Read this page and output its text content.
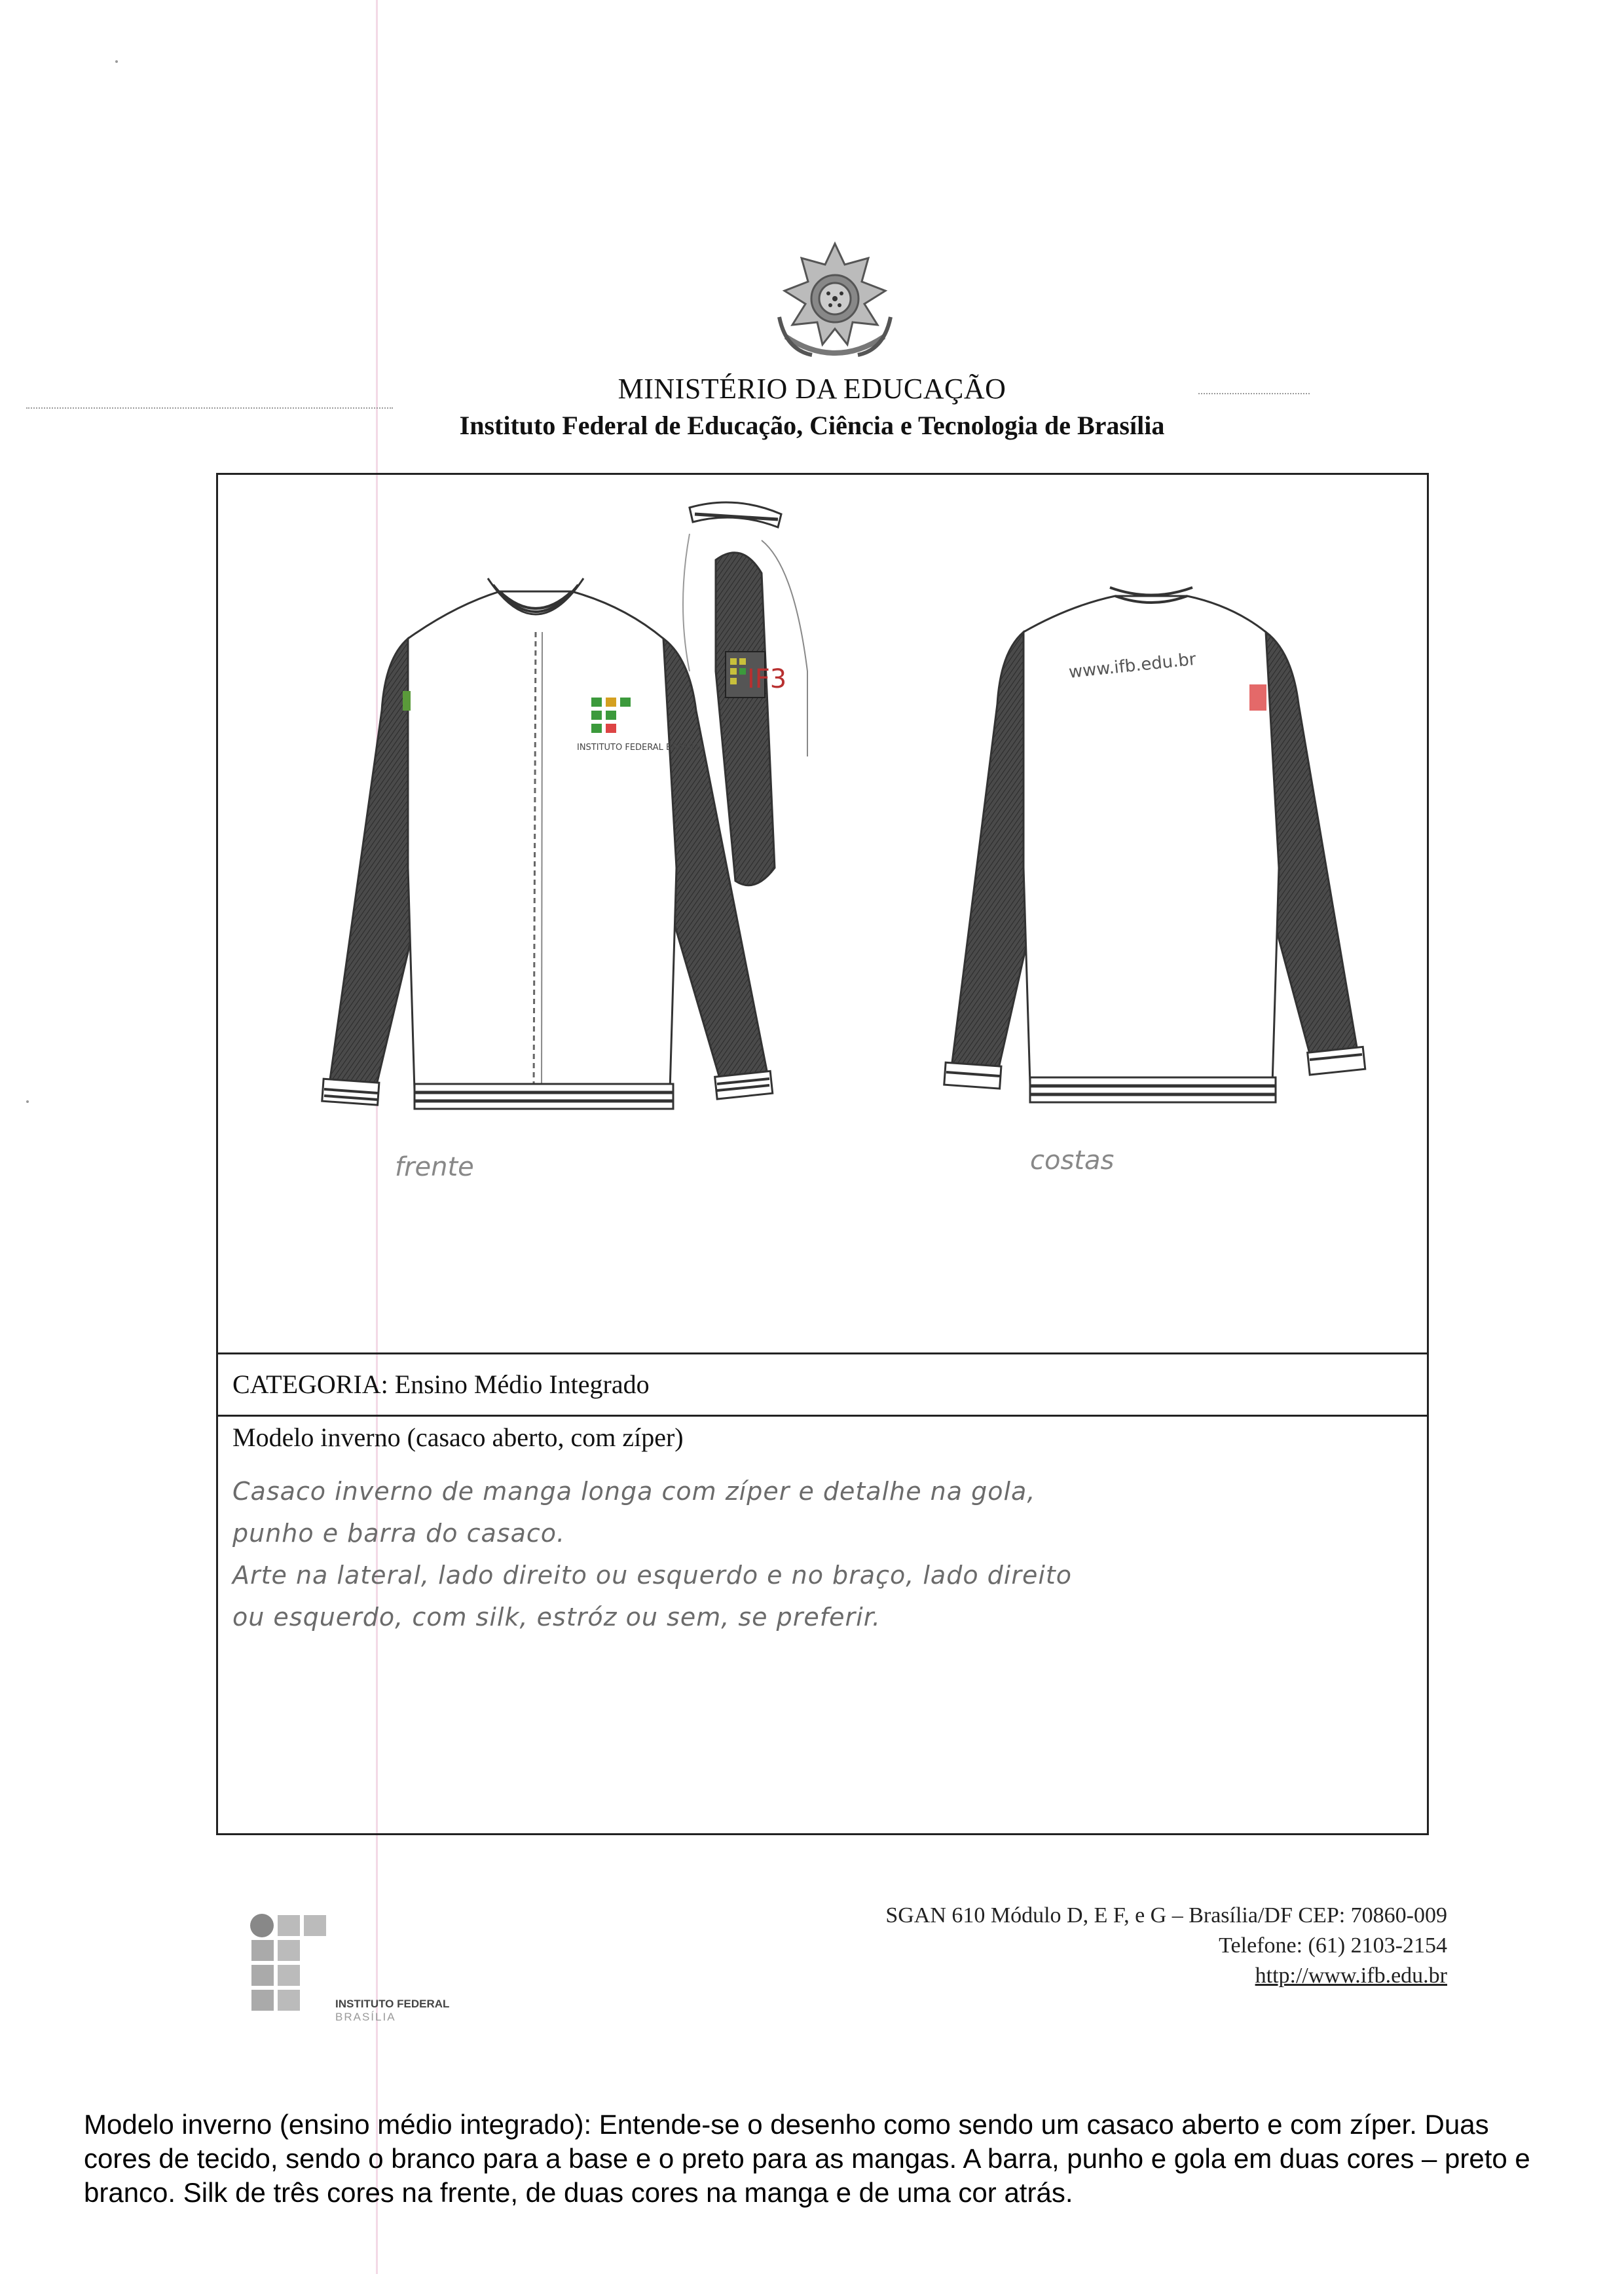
MINISTÉRIO DA EDUCAÇÃO
Instituto Federal de Educação, Ciência e Tecnologia de Brasília
INSTITUTO FEDERAL BRASÍLIA
frente
IF3	www.ifb.edu.br
costas
CATEGORIA: Ensino Médio Integrado
Modelo inverno (casaco aberto, com zíper)
Casaco inverno de manga longa com zíper e detalhe na gola,
punho e barra do casaco.
Arte na lateral, lado direito ou esquerdo e no braço, lado direito
ou esquerdo, com silk, estróz ou sem, se preferir.
INSTITUTO FEDERAL
BRASÍLIA
SGAN 610 Módulo D, E F, e G – Brasília/DF CEP: 70860-009
Telefone: (61) 2103-2154
http://www.ifb.edu.br
Modelo inverno (ensino médio integrado): Entende-se o desenho como sendo um casaco aberto e com zíper. Duas cores de tecido, sendo o branco para a base e o preto para as mangas. A barra, punho e gola em duas cores – preto e branco. Silk de três cores na frente, de duas cores na manga e de uma cor atrás.
